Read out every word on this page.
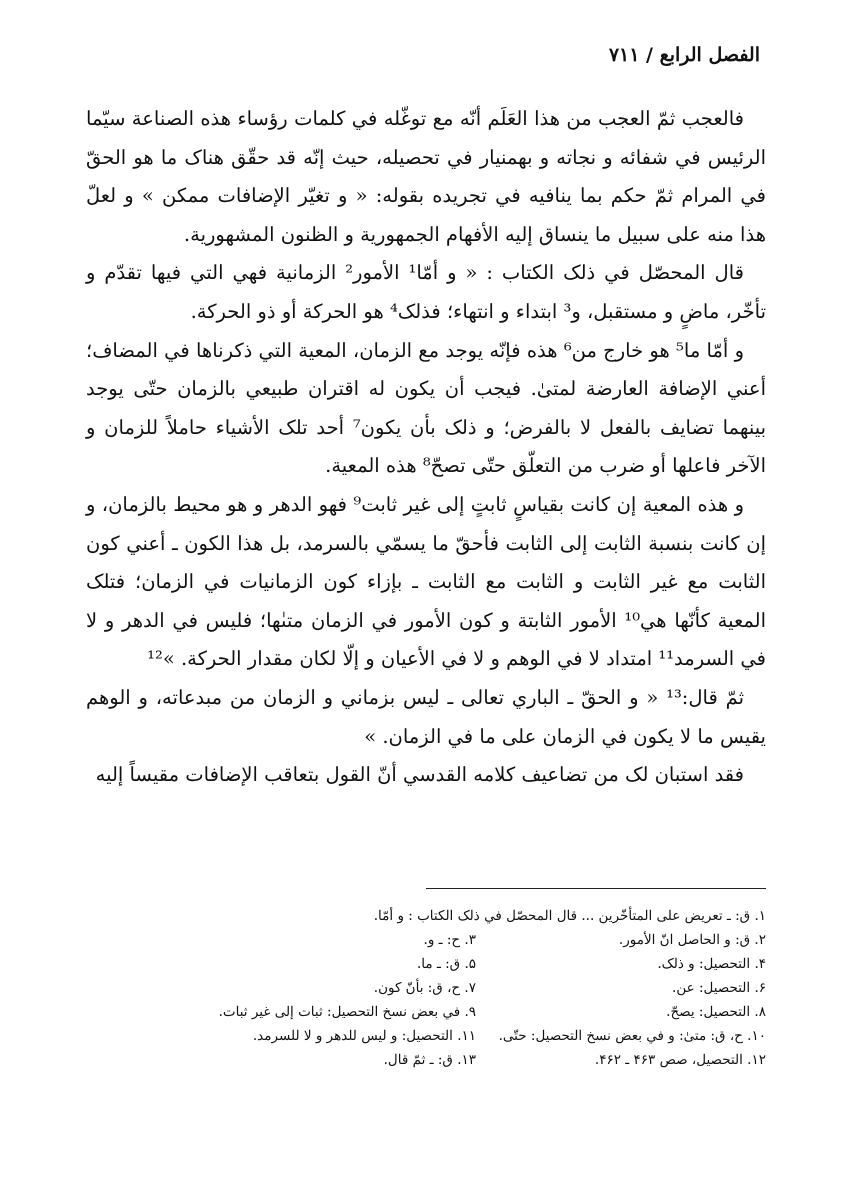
الفصل الرابع / ٧١١

فالعجب ثمّ العجب من هذا العَلَم أنّه مع توغّله في كلمات رؤساء هذه الصناعة سيّما الرئيس في شفائه و نجاته و بهمنيار في تحصيله، حيث إنّه قد حقّق هناک ما هو الحقّ في المرام ثمّ حکم بما ينافيه في تجريده بقوله: « و تغيّر الإضافات ممکن » و لعلّ هذا منه على سبيل ما ينساق إليه الأفهام الجمهورية و الظنون المشهورية.

قال المحصّل في ذلک الکتاب : « و أمّا¹ الأمور² الزمانية فهي التي فيها تقدّم و تأخّر، ماضٍ و مستقبل، و³ ابتداء و انتهاء؛ فذلک⁴ هو الحرکة أو ذو الحرکة.

و أمّا ما⁵ هو خارج من⁶ هذه فإنّه يوجد مع الزمان، المعية التي ذکرناها في المضاف؛ أعني الإضافة العارضة لمتىٰ. فيجب أن يکون له اقتران طبيعي بالزمان حتّى يوجد بينهما تضايف بالفعل لا بالفرض؛ و ذلک بأن يکون⁷ أحد تلک الأشياء حاملاً للزمان و الآخر فاعلها أو ضرب من التعلّق حتّى تصحّ⁸ هذه المعية.

و هذه المعية إن کانت بقياسٍ ثابتٍ إلى غير ثابت⁹ فهو الدهر و هو محيط بالزمان، و إن کانت بنسبة الثابت إلى الثابت فأحقّ ما يسمّي بالسرمد، بل هذا الکون ـ أعني کون الثابت مع غير الثابت و الثابت مع الثابت ـ بإزاء کون الزمانيات في الزمان؛ فتلک المعية کأنّها هي¹⁰ الأمور الثابتة و کون الأمور في الزمان متىٰها؛ فليس في الدهر و لا في السرمد¹¹ امتداد لا في الوهم و لا في الأعيان و إلّا لکان مقدار الحرکة. »¹²

ثمّ قال:¹³ « و الحقّ ـ الباري تعالى ـ ليس بزماني و الزمان من مبدعاته، و الوهم يقيس ما لا يکون في الزمان على ما في الزمان. »

فقد استبان لک من تضاعيف کلامه القدسي أنّ القول بتعاقب الإضافات مقيساً إليه

١. ق: ـ تعريض على المتأخّرين ... قال المحصّل في ذلک الکتاب : و أمّا.
٢. ق: و الحاصل انّ الأمور.
٣. ح: ـ و.
۴. التحصيل: و ذلک.
۵. ق: ـ ما.
۶. التحصيل: عن.
٧. ح، ق: بأنّ کون.
٨. التحصيل: يصحّ.
٩. في بعض نسخ التحصيل: ثبات إلى غير ثبات.
١٠. ح، ق: متىٰ: و في بعض نسخ التحصيل: حتّى.
١١. التحصيل: و ليس للدهر و لا للسرمد.
١٢. التحصيل، صص ۴۶٣ ـ ۴۶۲.
١٣. ق: ـ ثمّ قال.
